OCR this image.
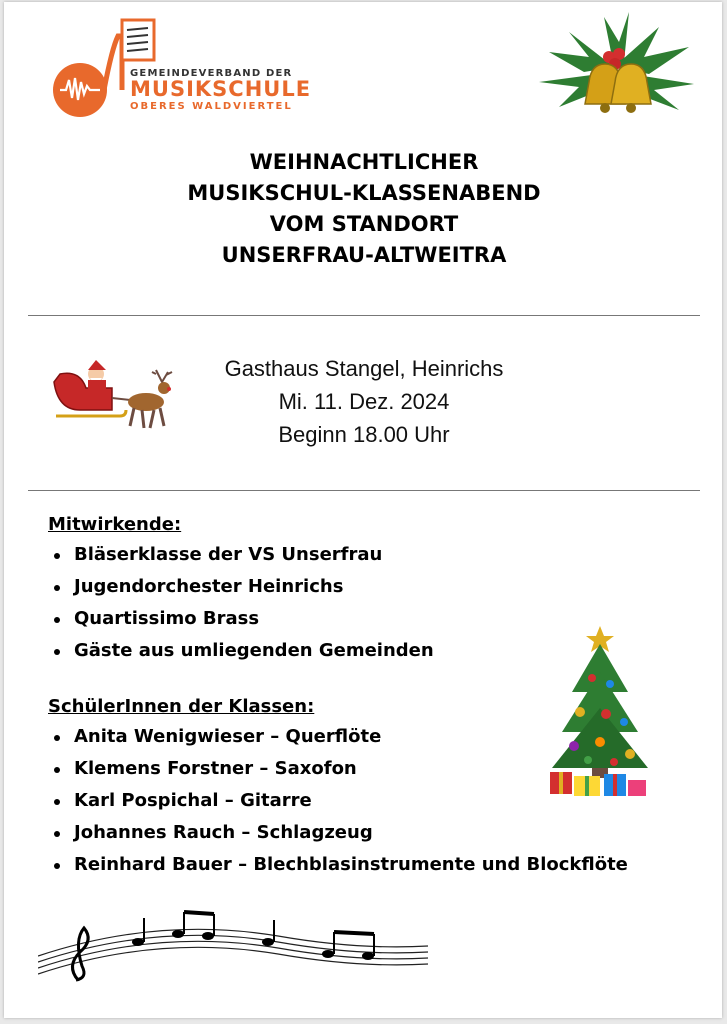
GEMEINDEVERBAND DER
MUSIKSCHULE
OBERES WALDVIERTEL
WEIHNACHTLICHER
MUSIKSCHUL-KLASSENABEND
VOM STANDORT
UNSERFRAU-ALTWEITRA
Gasthaus Stangel, Heinrichs
Mi. 11. Dez. 2024
Beginn 18.00 Uhr
Mitwirkende:
Bläserklasse der VS Unserfrau
Jugendorchester Heinrichs
Quartissimo Brass
Gäste aus umliegenden Gemeinden
SchülerInnen der Klassen:
Anita Wenigwieser – Querflöte
Klemens Forstner – Saxofon
Karl Pospichal – Gitarre
Johannes Rauch – Schlagzeug
Reinhard Bauer – Blechblasinstrumente und Blockflöte
